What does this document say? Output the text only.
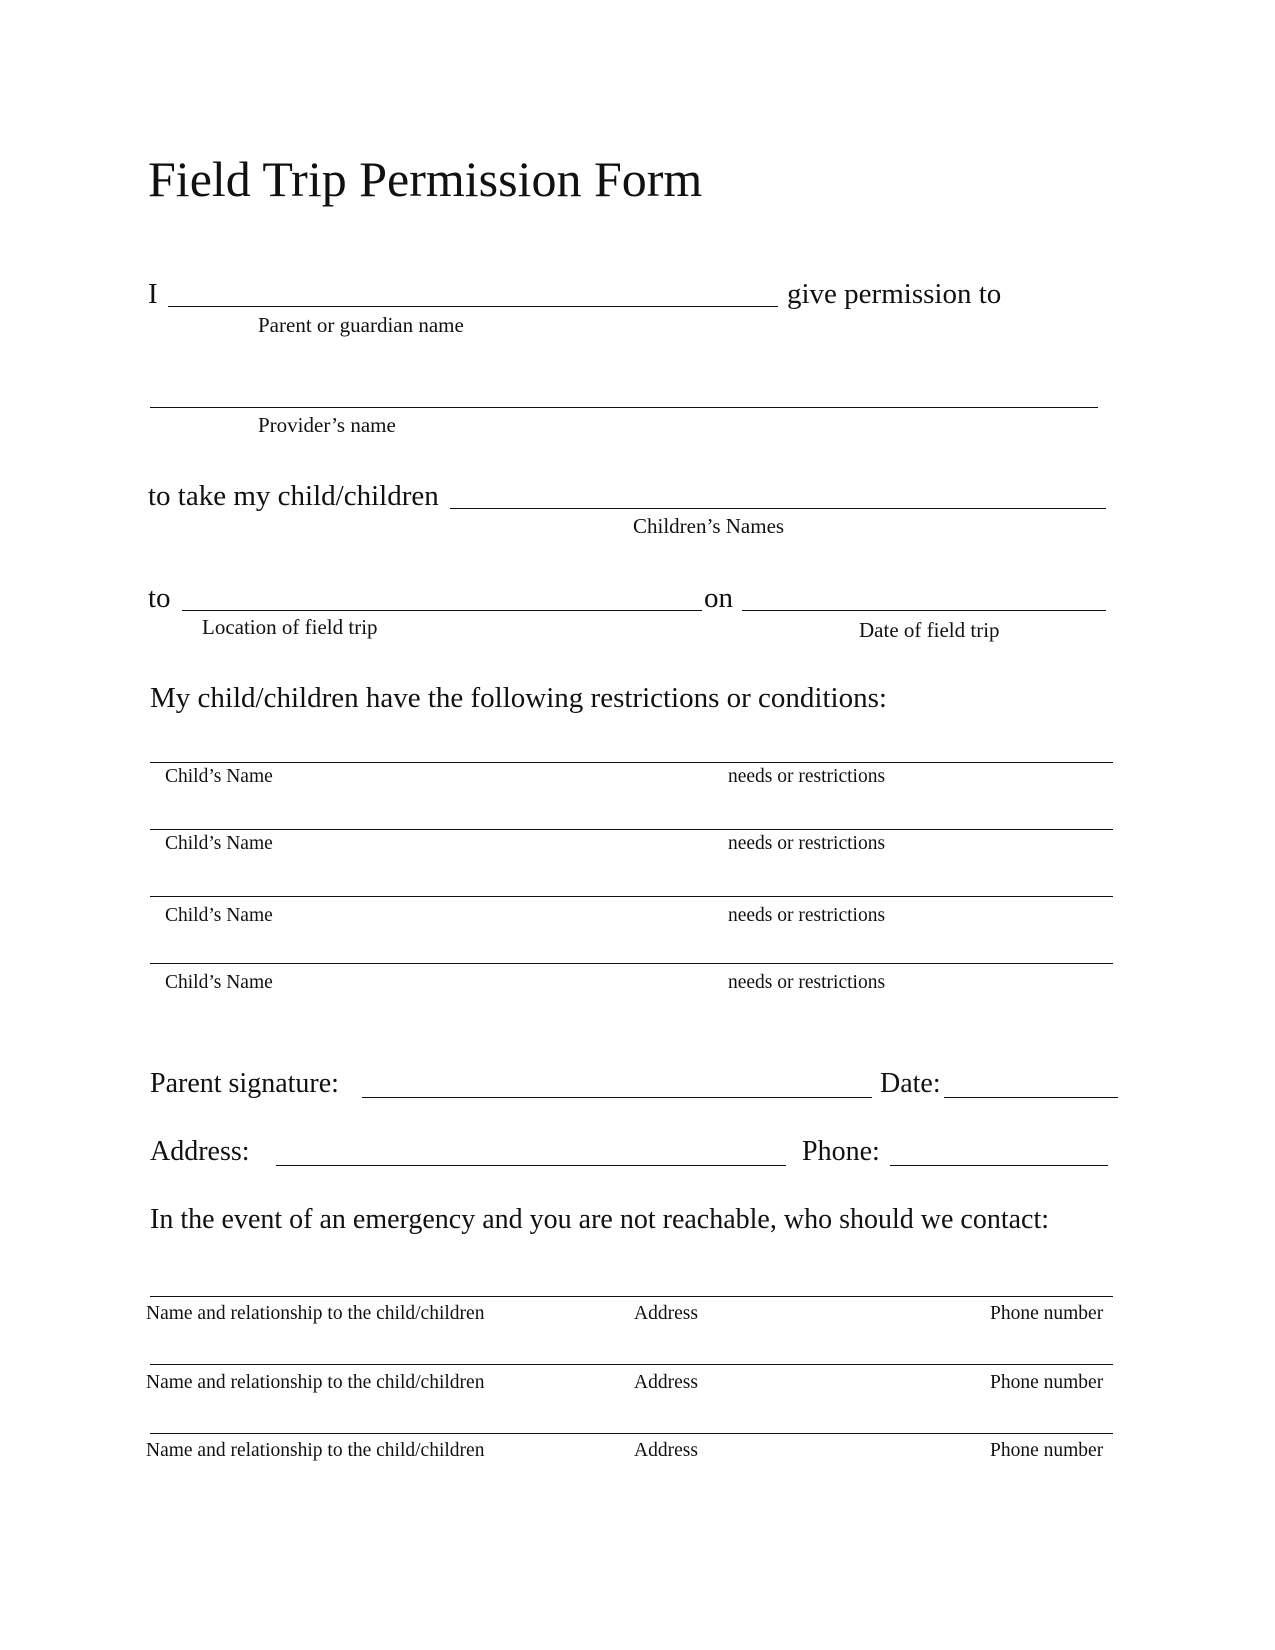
Field Trip Permission Form
I	give permission to
Parent or guardian name
Provider’s name
to take my child/children
Children’s Names
to	on
Location of field trip	Date of field trip
My child/children have the following restrictions or conditions:
Child’s Name	needs or restrictions
Child’s Name	needs or restrictions
Child’s Name	needs or restrictions
Child’s Name	needs or restrictions
Parent signature:	Date:
Address:	Phone:
In the event of an emergency and you are not reachable, who should we contact:
Name and relationship to the child/children	Address	Phone number
Name and relationship to the child/children	Address	Phone number
Name and relationship to the child/children	Address	Phone number
